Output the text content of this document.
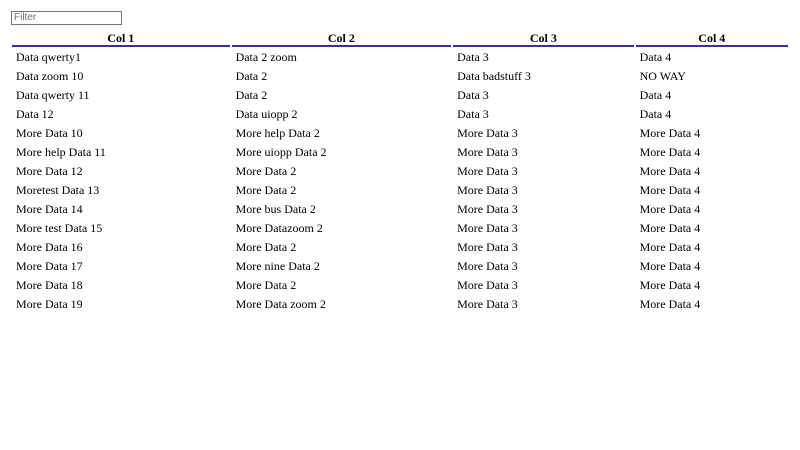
Filter
Col 1	Col 2	Col 3	Col 4
Data qwerty1	Data 2 zoom	Data 3	Data 4
Data zoom 10	Data 2	Data badstuff 3	NO WAY
Data qwerty 11	Data 2	Data 3	Data 4
Data 12	Data uiopp 2	Data 3	Data 4
More Data 10	More help Data 2	More Data 3	More Data 4
More help Data 11	More uiopp Data 2	More Data 3	More Data 4
More Data 12	More Data 2	More Data 3	More Data 4
Moretest Data 13	More Data 2	More Data 3	More Data 4
More Data 14	More bus Data 2	More Data 3	More Data 4
More test Data 15	More Datazoom 2	More Data 3	More Data 4
More Data 16	More Data 2	More Data 3	More Data 4
More Data 17	More nine Data 2	More Data 3	More Data 4
More Data 18	More Data 2	More Data 3	More Data 4
More Data 19	More Data zoom 2	More Data 3	More Data 4
